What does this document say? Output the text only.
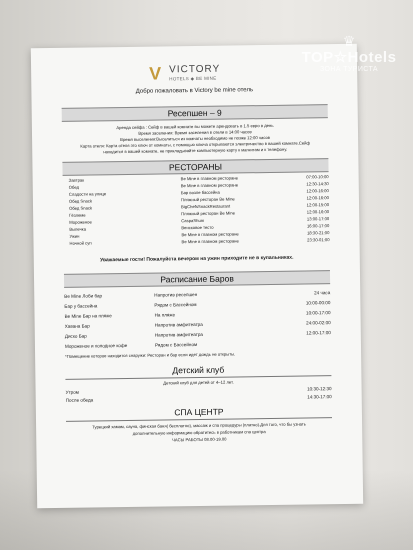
V VICTORY
HOTELS ◆ BE MINE
Добро пожаловать в Victory be mine отель
Ресепшен – 9
Аренда сейфа : Сейф в вашей комнате вы можете арендовать в 1.5 евро в день
Время заселения: Время заселения в отели в 14:00 часов
Время выселения:Выселиться из комнаты необходимо не позже 12:00 часов
Карта отеля: Карта отеля это ключ от комнаты, с помощью ключа открываются электричество в вашей комнате.Сейф
находится в вашей комнате, не прикладывайте компьютерную карту к магнитам и к телефону.
РЕСТОРАНЫ
Завтрак	Be Mine в главном ресторане	07:00-10:00
Обед	Be Mine в главном ресторане	12:30-14:30
Сладости на улице	Бар возле бассейна	12:00-16:00
Обед Snack	Пляжный ресторан Be Mine	12:00-16:00
Обед Snack	BigChefsSnackRestaurant	12:00-15:00
Гёзлеме	Пляжный ресторан Be Mine	12:00-16:00
Мороженое	CaspaShum	13:00-17:00
Выпечка	Венсковое тесто	16:00-17:00
Ужин	Be Mine в главном ресторане	18:30-21:00
Ночной суп	Be Mine в главном ресторане	23:30-01:00
Уважаемые гости! Пожалуйста вечером на ужин приходите не в купальниках.
Расписание Баров
Be Mine Лоби бар	Напротив ресепшен	24 часа
Бар у бассейна	Рядом с Бассейном	10:00-00:00
Be Mine Бар на пляже	На пляже	10:00-17:00
Хавана Бар	Напротив амфитеатра	24:00-02:00
Диско Бар	Напротив амфитеатра	12:00-17:00
Мороженое и холодное кофе	Рядом с Бассейном
*Помещение которое находится снаружи: Ресторан и бар если идет дождь не открыты.
Детский клуб
Детский клуб для детей от 4–12 лет.
Утром
10:30-12:30
После обеда
14:30-17:00
СПА ЦЕНТР
Турецкий хамам, сауна, финская баня( бесплатно), массаж и спа процедуры (платно).Для того, что бы узнать
дополнительную информацию обратитесь в работникам спа центра
ЧАСЫ РАБОТЫ 08.00-19.00
♛
TOP☆Hotels
ЗОНА ТУРИСТА
